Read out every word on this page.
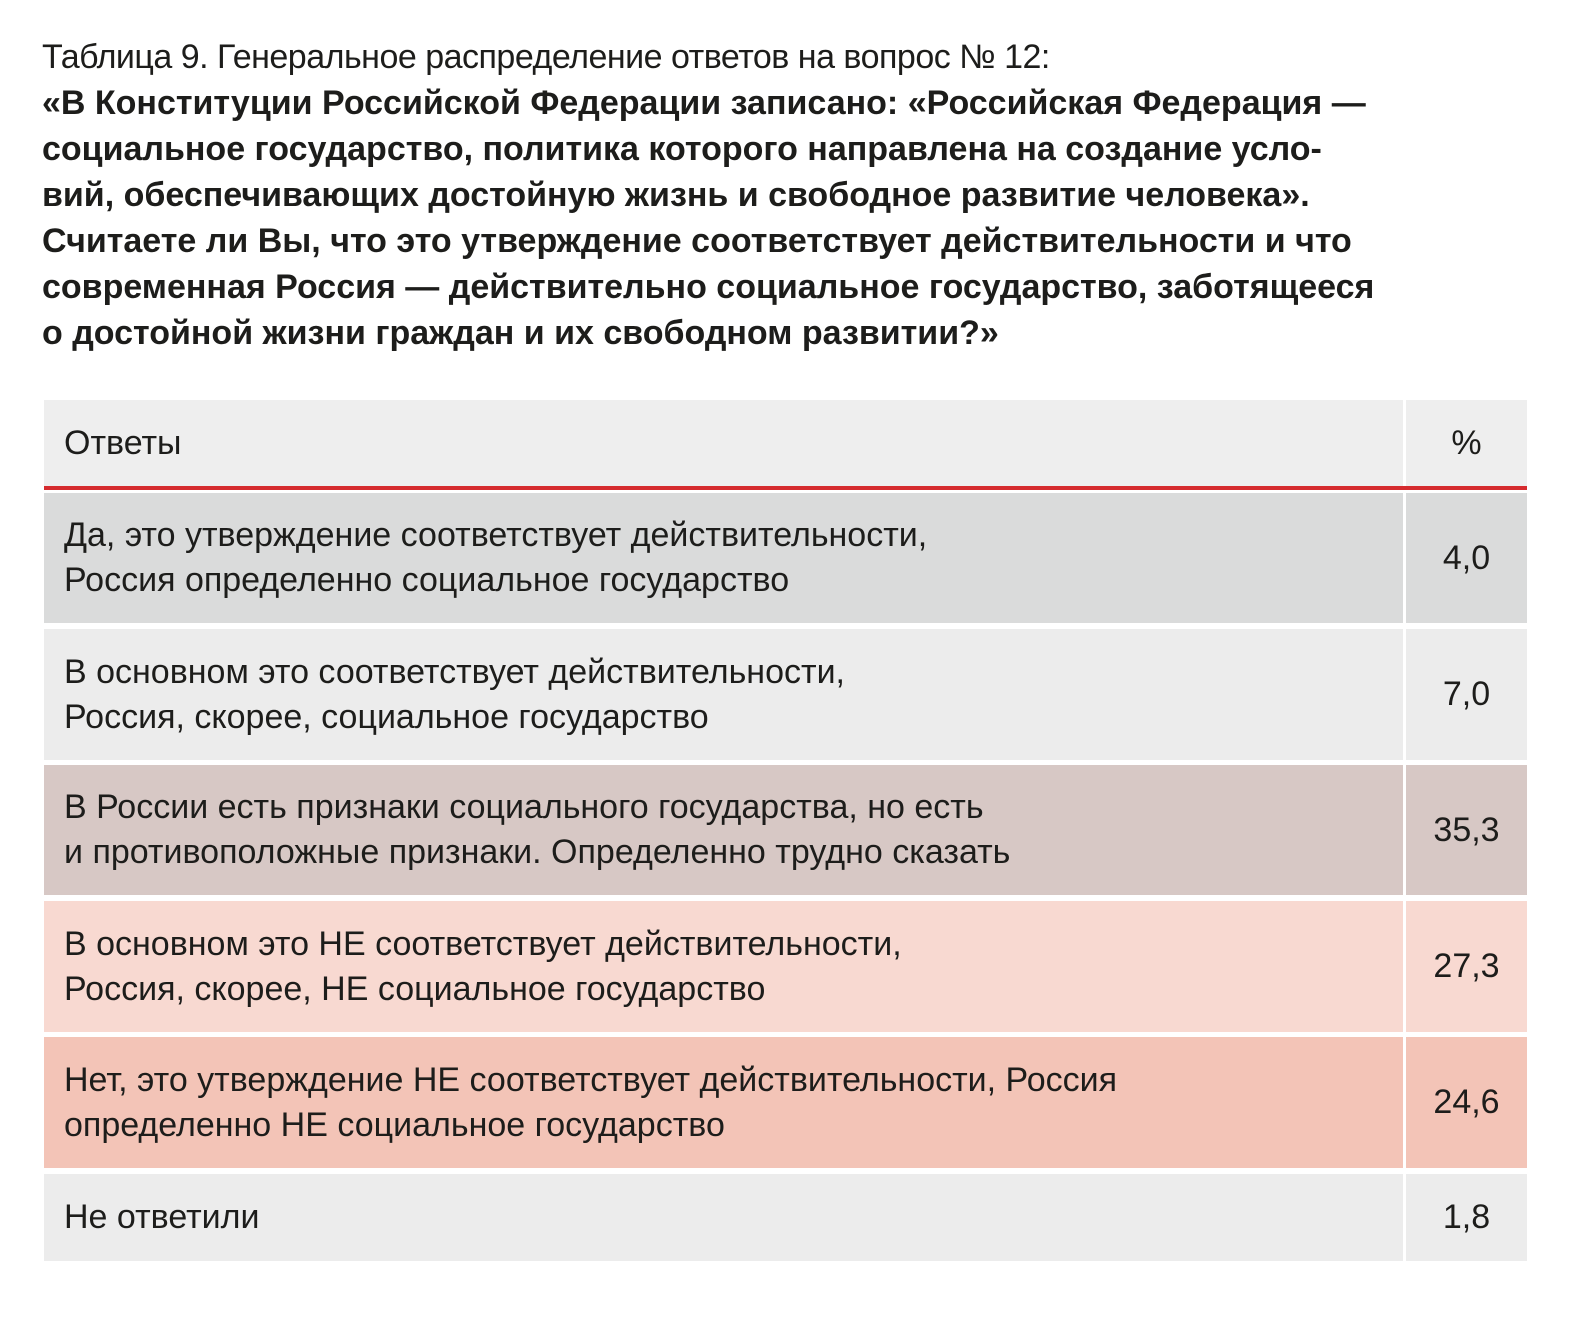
Таблица 9. Генеральное распределение ответов на вопрос № 12:
«В Конституции Российской Федерации записано: «Российская Федерация —
социальное государство, политика которого направлена на создание усло-
вий, обеспечивающих достойную жизнь и свободное развитие человека».
Считаете ли Вы, что это утверждение соответствует действительности и что
современная Россия — действительно социальное государство, заботящееся
о достойной жизни граждан и их свободном развитии?»
Ответы	%
Да, это утверждение соответствует действительности,
Россия определенно социальное государство
4,0
В основном это соответствует действительности,
Россия, скорее, социальное государство
7,0
В России есть признаки социального государства, но есть
и противоположные признаки. Определенно трудно сказать
35,3
В основном это НЕ соответствует действительности,
Россия, скорее, НЕ социальное государство
27,3
Нет, это утверждение НЕ соответствует действительности, Россия
определенно НЕ социальное государство
24,6
Не ответили	1,8
